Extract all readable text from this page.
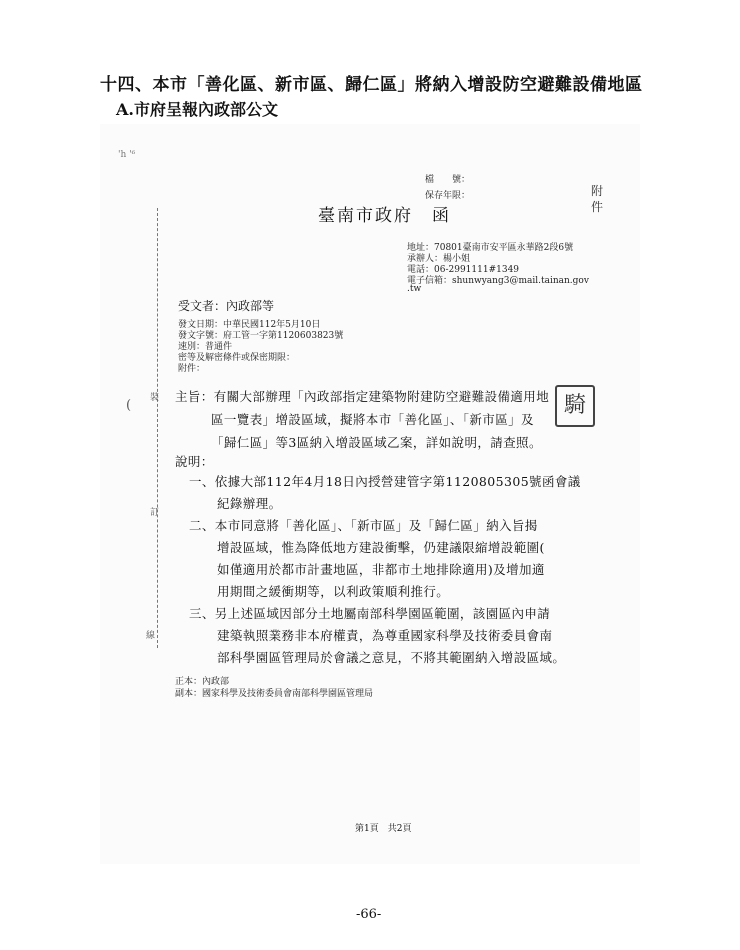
十四、本市「善化區、新市區、歸仁區」將納入增設防空避難設備地區
A.市府呈報內政部公文
'h '⁶
檔　　號：
保存年限：	附件
臺南市政府　函
地址：70801臺南市安平區永華路2段6號
承辦人：楊小姐
電話：06-2991111#1349
電子信箱：shunwyang3@mail.tainan.gov
.tw
受文者：內政部等
發文日期：中華民國112年5月10日
發文字號：府工管一字第1120603823號
速別：普通件
密等及解密條件或保密期限：
附件：
騎
裝
訂
線
(
主旨：有關大部辦理「內政部指定建築物附建防空避難設備適用地
區一覽表」增設區域，擬將本市「善化區」、「新市區」及
「歸仁區」等3區納入增設區域乙案，詳如說明，請查照。
說明：
一、依據大部112年4月18日內授營建管字第1120805305號函會議
紀錄辦理。
二、本市同意將「善化區」、「新市區」及「歸仁區」納入旨揭
增設區域，惟為降低地方建設衝擊，仍建議限縮增設範圍(
如僅適用於都市計畫地區，非都市土地排除適用)及增加適
用期間之緩衝期等，以利政策順利推行。
三、另上述區域因部分土地屬南部科學園區範圍，該園區內申請
建築執照業務非本府權責，為尊重國家科學及技術委員會南
部科學園區管理局於會議之意見，不將其範圍納入增設區域。
正本：內政部
副本：國家科學及技術委員會南部科學園區管理局
第1頁　共2頁
-66-
